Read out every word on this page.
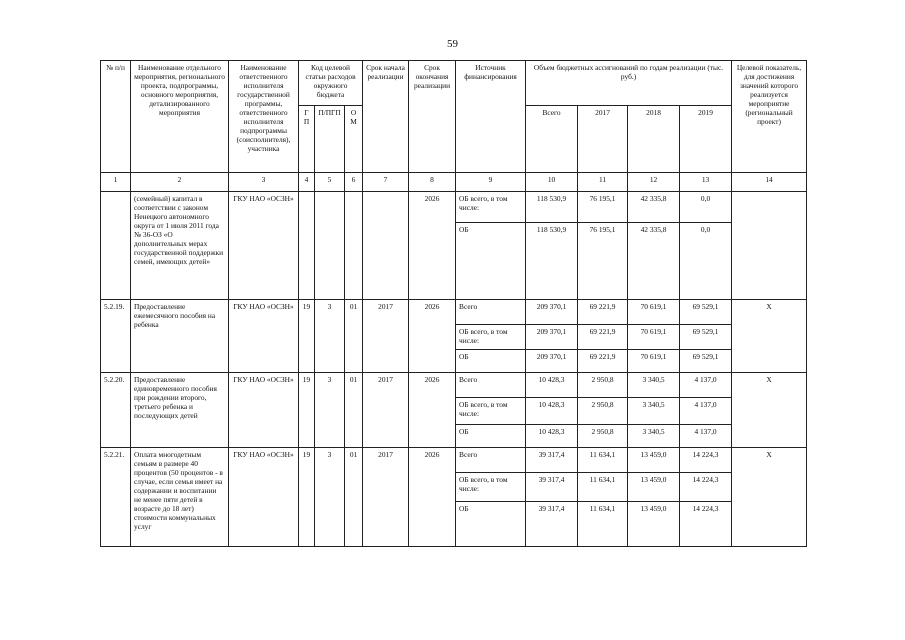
59
№ п/п	Наименование отдельного мероприятия, регионального проекта, подпрограммы, основного мероприятия, детализированного мероприятия	Наименование ответственного исполнителя государственной программы, ответственного исполнителя подпрограммы (соисполнителя), участника	Код целевой статьи расходов окружного бюджета			Срок начала реализации	Срок окончания реализации	Источник финансирования	Объем бюджетных ассигнований по годам реализации (тыс. руб.)				Целевой показатель, для достижения значений которого реализуется мероприятие (региональный проект)
			ГП	П/ПГП	ОМ				Всего	2017	2018	2019	
1	2	3	4	5	6	7	8	9	10	11	12	13	14
	(семейный) капитал в соответствии с законом Ненецкого автономного округа от 1 июля 2011 года № 36-ОЗ «О дополнительных мерах государственной поддержки семей, имеющих детей»	ГКУ НАО «ОСЗН»					2026	ОБ всего, в том числе:	118 530,9	76 195,1	42 335,8	0,0	
								ОБ	118 530,9	76 195,1	42 335,8	0,0	
5.2.19.	Предоставление ежемесячного пособия на ребенка	ГКУ НАО «ОСЗН»	19	3	01	2017	2026	Всего	209 370,1	69 221,9	70 619,1	69 529,1	Х
								ОБ всего, в том числе:	209 370,1	69 221,9	70 619,1	69 529,1	
								ОБ	209 370,1	69 221,9	70 619,1	69 529,1	
5.2.20.	Предоставление единовременного пособия при рождении второго, третьего ребенка и последующих детей	ГКУ НАО «ОСЗН»	19	3	01	2017	2026	Всего	10 428,3	2 950,8	3 340,5	4 137,0	Х
								ОБ всего, в том числе:	10 428,3	2 950,8	3 340,5	4 137,0	
								ОБ	10 428,3	2 950,8	3 340,5	4 137,0	
5.2.21.	Оплата многодетным семьям в размере 40 процентов (50 процентов - в случае, если семья имеет на содержании и воспитании не менее пяти детей в возрасте до 18 лет) стоимости коммунальных услуг	ГКУ НАО «ОСЗН»	19	3	01	2017	2026	Всего	39 317,4	11 634,1	13 459,0	14 224,3	Х
								ОБ всего, в том числе:	39 317,4	11 634,1	13 459,0	14 224,3	
								ОБ	39 317,4	11 634,1	13 459,0	14 224,3	
